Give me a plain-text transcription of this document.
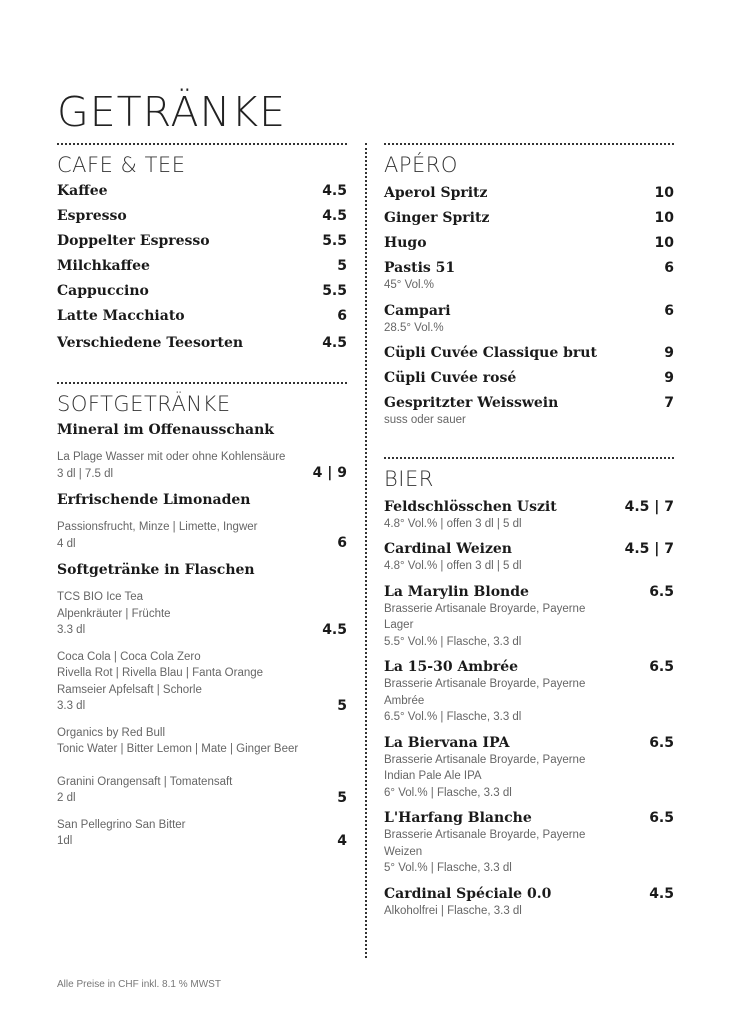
GETRÄNKE
CAFE & TEE
Kaffee	4.5
Espresso	4.5
Doppelter Espresso	5.5
Milchkaffee	5
Cappuccino	5.5
Latte Macchiato	6
Verschiedene Teesorten	4.5
SOFTGETRÄNKE
Mineral im Offenausschank
La Plage Wasser mit oder ohne Kohlensäure
3 dl | 7.5 dl	4 | 9
Erfrischende Limonaden
Passionsfrucht, Minze | Limette, Ingwer
4 dl	6
Softgetränke in Flaschen
TCS BIO Ice Tea
Alpenkräuter | Früchte
3.3 dl	4.5
Coca Cola | Coca Cola Zero
Rivella Rot | Rivella Blau | Fanta Orange
Ramseier Apfelsaft | Schorle
3.3 dl	5
Organics by Red Bull
Tonic Water | Bitter Lemon | Mate | Ginger Beer
Granini Orangensaft | Tomatensaft
2 dl	5
San Pellegrino San Bitter
1dl	4
APÉRO
Aperol Spritz	10
Ginger Spritz	10
Hugo	10
Pastis 51	6
45° Vol.%
Campari	6
28.5° Vol.%
Cüpli Cuvée Classique brut	9
Cüpli Cuvée rosé	9
Gespritzter Weisswein	7
suss oder sauer
BIER
Feldschlösschen Uszit	4.5 | 7
4.8° Vol.% | offen 3 dl | 5 dl
Cardinal Weizen	4.5 | 7
4.8° Vol.% | offen 3 dl | 5 dl
La Marylin Blonde	6.5
Brasserie Artisanale Broyarde, Payerne
Lager
5.5° Vol.% | Flasche, 3.3 dl
La 15-30 Ambrée	6.5
Brasserie Artisanale Broyarde, Payerne
Ambrée
6.5° Vol.% | Flasche, 3.3 dl
La Biervana IPA	6.5
Brasserie Artisanale Broyarde, Payerne
Indian Pale Ale IPA
6° Vol.% | Flasche, 3.3 dl
L'Harfang Blanche	6.5
Brasserie Artisanale Broyarde, Payerne
Weizen
5° Vol.% | Flasche, 3.3 dl
Cardinal Spéciale 0.0	4.5
Alkoholfrei | Flasche, 3.3 dl
Alle Preise in CHF inkl. 8.1 % MWST
